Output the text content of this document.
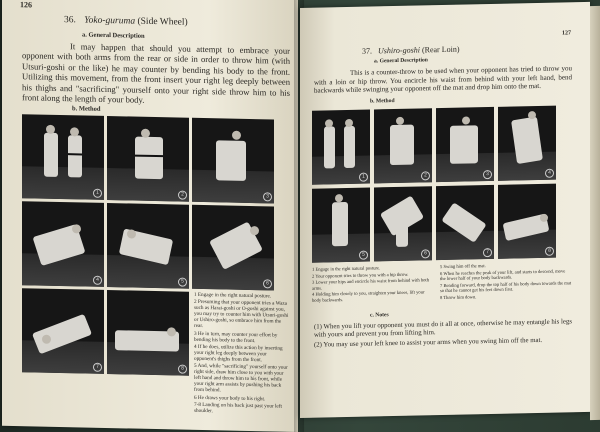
126
36. Yoko-guruma (Side Wheel)
a. General Description
It may happen that should you attempt to embrace your opponent with both arms from the rear or side in order to throw him (with Utsuri-goshi or the like) he may counter by bending his body to the front. Utilizing this movement, from the front insert your right leg deeply between his thighs and "sacrificing" yourself onto your right side throw him to his front along the length of your body.
b. Method
1	2	3
4	5	6
7	8
1 Engage in the right natural posture.
2 Presuming that your opponent tries a Waza such as Harai-goshi or O-goshi against you, you may try to counter him with Utsuri-goshi or Ushiro-goshi, so embrace him from the rear.
3 He in turn, may counter your effort by bending his body to the front.
4 If he does, utilize this action by inserting your right leg deeply between your opponent's thighs from the front.
5 And, while "sacrificing" yourself onto your right side, draw him close to you with your left hand and throw him to his front, while your right arm assists by pushing his back from behind.
6 He draws your body to his right.
7-8 Landing on his back just past your left shoulder.
127
37. Ushiro-goshi (Rear Loin)
a. General Description
This is a counter-throw to be used when your opponent has tried to throw you with a loin or hip throw. You encircle his waist from behind with your left hand, bend backwards while swinging your opponent off the mat and drop him onto the mat.
b. Method
1	2	3	4
5	6	7	8
1 Engage in the right natural posture.
2 Your opponent tries to throw you with a hip throw.
3 Lower your hips and encircle his waist from behind with both arms.
4 Holding him closely to you, straighten your knees, lift your body backwards.
5 Swing him off the mat.
6 When he reaches the peak of your lift, and starts to descend, move the lower half of your body backwards.
7 Bending forward, drop the top half of his body down towards the mat so that he cannot get his feet down first.
8 Throw him down.
c. Notes
(1) When you lift your opponent you must do it all at once, otherwise he may entangle his legs with yours and prevent you from lifting him.
(2) You may use your left knee to assist your arms when you swing him off the mat.
